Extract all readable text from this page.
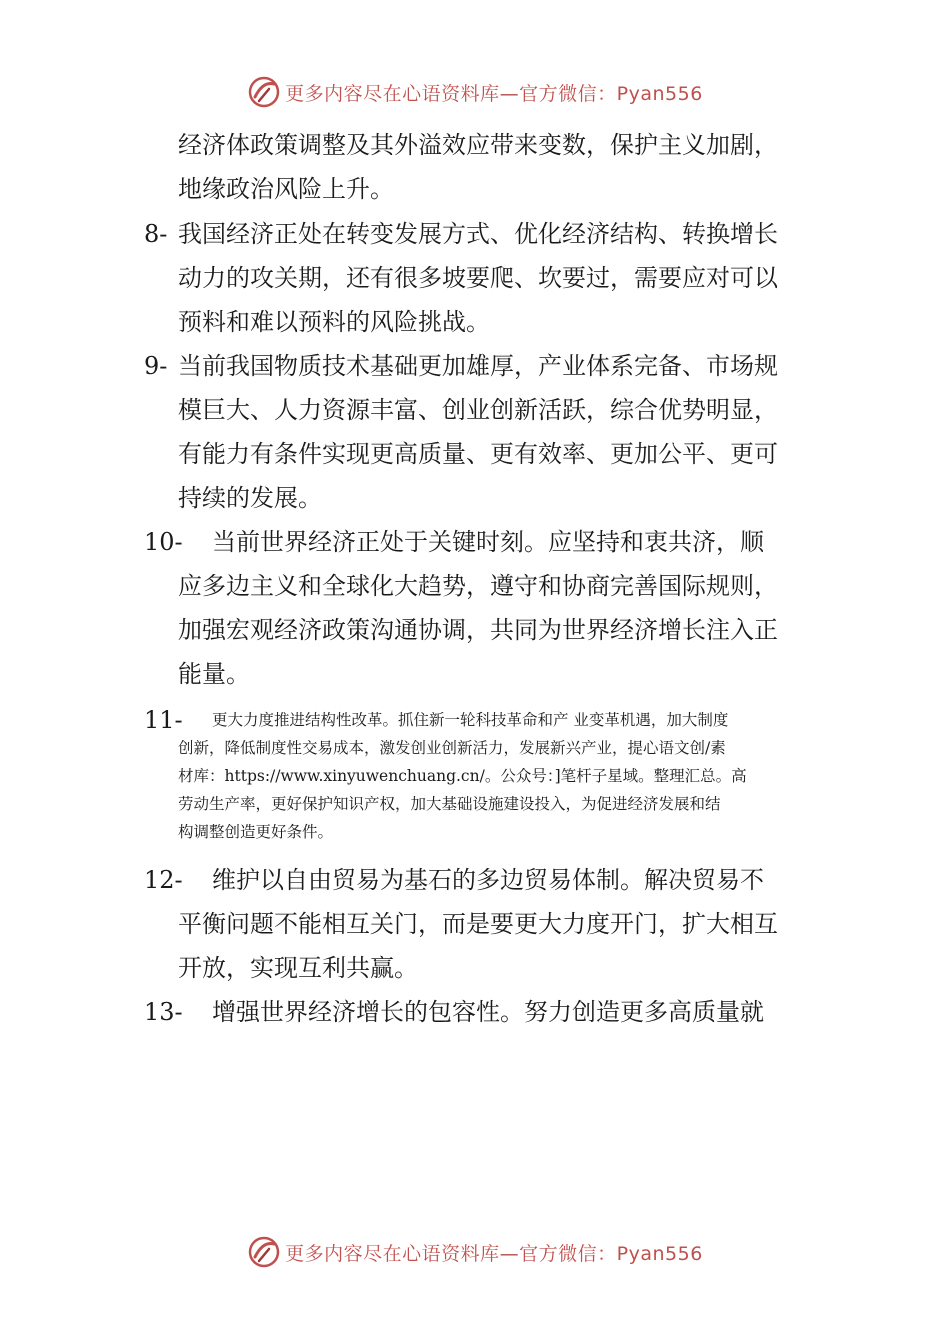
更多内容尽在心语资料库—官方微信：Pyan556
经济体政策调整及其外溢效应带来变数，保护主义加剧，
地缘政治风险上升。
8- 我国经济正处在转变发展方式、优化经济结构、转换增长
动力的攻关期，还有很多坡要爬、坎要过，需要应对可以
预料和难以预料的风险挑战。
9- 当前我国物质技术基础更加雄厚，产业体系完备、市场规
模巨大、人力资源丰富、创业创新活跃，综合优势明显，
有能力有条件实现更高质量、更有效率、更加公平、更可
持续的发展。
10- 当前世界经济正处于关键时刻。应坚持和衷共济，顺
应多边主义和全球化大趋势，遵守和协商完善国际规则，
加强宏观经济政策沟通协调，共同为世界经济增长注入正
能量。
11- 更大力度推进结构性改革。抓住新一轮科技革命和产 业变革机遇，加大制度
创新，降低制度性交易成本，激发创业创新活力，发展新兴产业，提心语文创/素
材库：https://www.xinyuwenchuang.cn/。公众号：]笔杆子星域。整理汇总。高
劳动生产率，更好保护知识产权，加大基础设施建设投入，为促进经济发展和结
构调整创造更好条件。
12- 维护以自由贸易为基石的多边贸易体制。解决贸易不
平衡问题不能相互关门，而是要更大力度开门，扩大相互
开放，实现互利共赢。
13- 增强世界经济增长的包容性。努力创造更多高质量就
更多内容尽在心语资料库—官方微信：Pyan556
